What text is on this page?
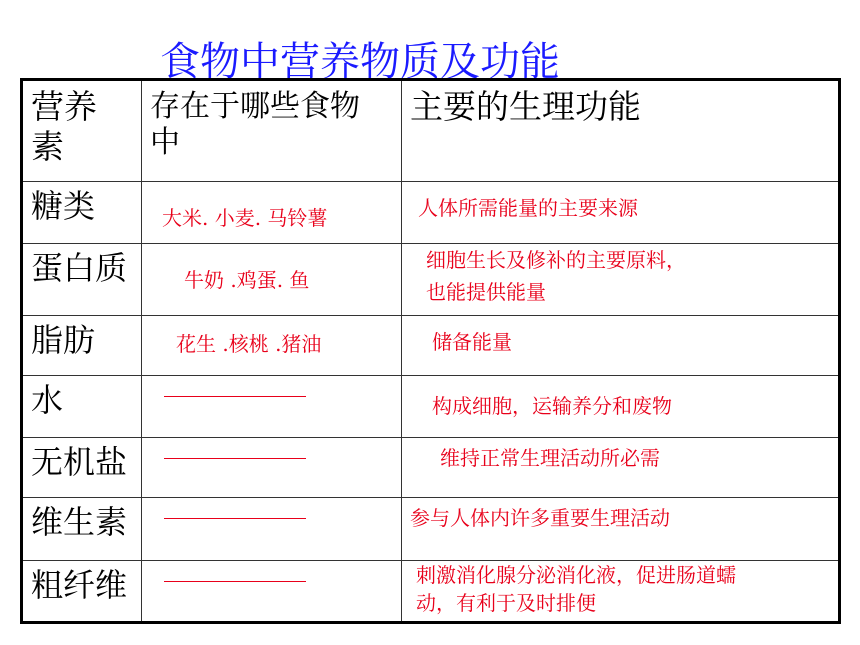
食物中营养物质及功能
营养素	存在于哪些食物中	主要的生理功能

糖类	大米. 小麦. 马铃薯	人体所需能量的主要来源

蛋白质	牛奶 .鸡蛋. 鱼	细胞生长及修补的主要原料，
也能提供能量

脂肪	花生 .核桃 .猪油	储备能量

水		构成细胞，运输养分和废物

无机盐		维持正常生理活动所必需

维生素		参与人体内许多重要生理活动

粗纤维		刺激消化腺分泌消化液，促进肠道蠕
动，有利于及时排便
